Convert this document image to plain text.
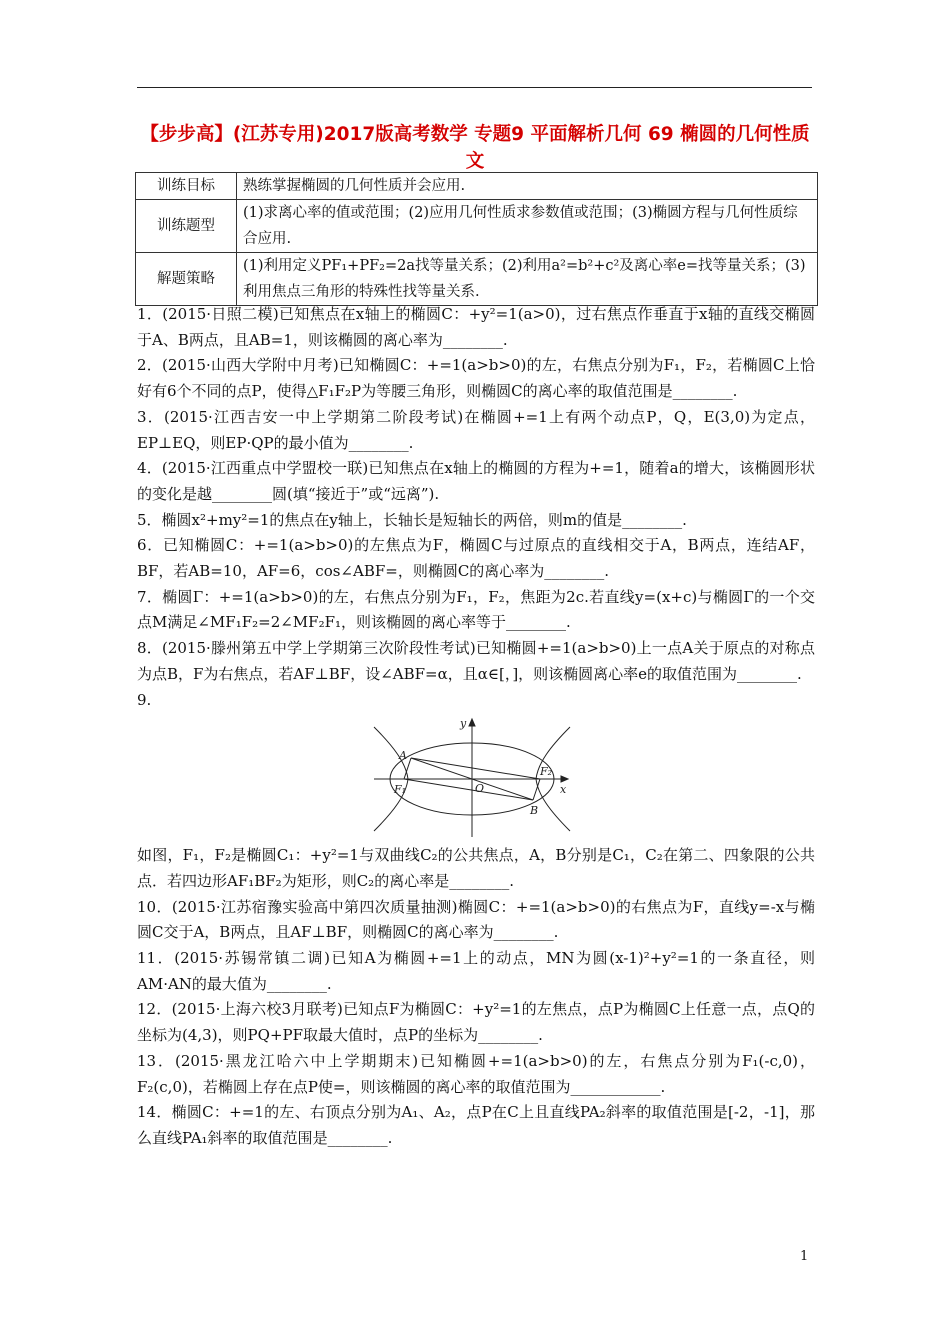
【步步高】(江苏专用)2017版高考数学 专题9 平面解析几何 69 椭圆的几何性质 文
训练目标	熟练掌握椭圆的几何性质并会应用.
训练题型	(1)求离心率的值或范围；(2)应用几何性质求参数值或范围；(3)椭圆方程与几何性质综合应用.
解题策略	(1)利用定义PF₁+PF₂=2a找等量关系；(2)利用a²=b²+c²及离心率e=找等量关系；(3)利用焦点三角形的特殊性找等量关系.

1．(2015·日照二模)已知焦点在x轴上的椭圆C：+y²=1(a>0)，过右焦点作垂直于x轴的直线交椭圆于A、B两点，且AB=1，则该椭圆的离心率为________.

2．(2015·山西大学附中月考)已知椭圆C：+=1(a>b>0)的左，右焦点分别为F₁，F₂，若椭圆C上恰好有6个不同的点P，使得△F₁F₂P为等腰三角形，则椭圆C的离心率的取值范围是________.

3．(2015·江西吉安一中上学期第二阶段考试)在椭圆+=1上有两个动点P，Q，E(3,0)为定点，EP⊥EQ，则EP·QP的最小值为________.

4．(2015·江西重点中学盟校一联)已知焦点在x轴上的椭圆的方程为+=1，随着a的增大，该椭圆形状的变化是越________圆(填“接近于”或“远离”).

5．椭圆x²+my²=1的焦点在y轴上，长轴长是短轴长的两倍，则m的值是________.

6．已知椭圆C：+=1(a>b>0)的左焦点为F，椭圆C与过原点的直线相交于A，B两点，连结AF，BF，若AB=10，AF=6，cos∠ABF=，则椭圆C的离心率为________.

7．椭圆Γ：+=1(a>b>0)的左，右焦点分别为F₁，F₂，焦距为2c.若直线y=(x+c)与椭圆Γ的一个交点M满足∠MF₁F₂=2∠MF₂F₁，则该椭圆的离心率等于________.

8．(2015·滕州第五中学上学期第三次阶段性考试)已知椭圆+=1(a>b>0)上一点A关于原点的对称点为点B，F为右焦点，若AF⊥BF，设∠ABF=α，且α∈[，]，则该椭圆离心率e的取值范围为________.

9.

y
x
A
F₁	O
F₂
B

如图，F₁，F₂是椭圆C₁：+y²=1与双曲线C₂的公共焦点，A，B分别是C₁，C₂在第二、四象限的公共点．若四边形AF₁BF₂为矩形，则C₂的离心率是________.

10．(2015·江苏宿豫实验高中第四次质量抽测)椭圆C：+=1(a>b>0)的右焦点为F，直线y=-x与椭圆C交于A，B两点，且AF⊥BF，则椭圆C的离心率为________.

11．(2015·苏锡常镇二调)已知A为椭圆+=1上的动点，MN为圆(x-1)²+y²=1的一条直径，则AM·AN的最大值为________.

12．(2015·上海六校3月联考)已知点F为椭圆C：+y²=1的左焦点，点P为椭圆C上任意一点，点Q的坐标为(4,3)，则PQ+PF取最大值时，点P的坐标为________.

13．(2015·黑龙江哈六中上学期期末)已知椭圆+=1(a>b>0)的左，右焦点分别为F₁(-c,0)，F₂(c,0)，若椭圆上存在点P使=，则该椭圆的离心率的取值范围为____________.

14．椭圆C：+=1的左、右顶点分别为A₁、A₂，点P在C上且直线PA₂斜率的取值范围是[-2，-1]，那么直线PA₁斜率的取值范围是________.

1
